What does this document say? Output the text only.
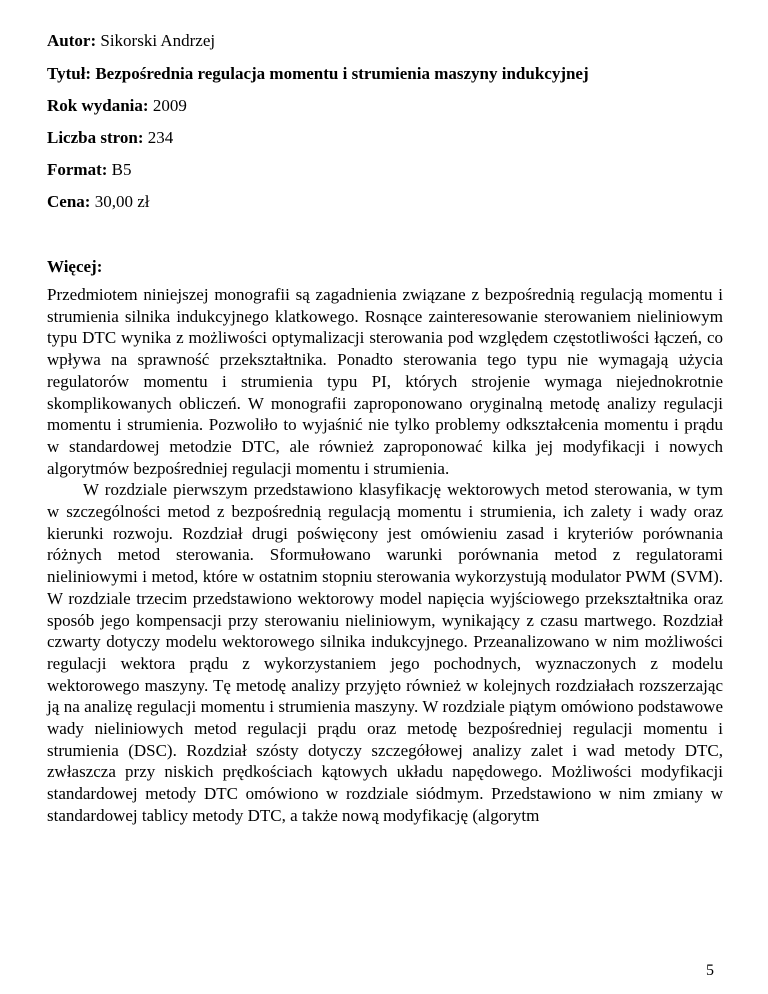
Autor: Sikorski Andrzej
Tytuł: Bezpośrednia regulacja momentu i strumienia maszyny indukcyjnej
Rok wydania: 2009
Liczba stron: 234
Format: B5
Cena: 30,00 zł
Więcej:

Przedmiotem niniejszej monografii są zagadnienia związane z bezpośrednią regulacją momentu i strumienia silnika indukcyjnego klatkowego. Rosnące zainteresowanie sterowaniem nieliniowym typu DTC wynika z możliwości optymalizacji sterowania pod względem częstotliwości łączeń, co wpływa na sprawność przekształtnika. Ponadto sterowania tego typu nie wymagają użycia regulatorów momentu i strumienia typu PI, których strojenie wymaga niejednokrotnie skomplikowanych obliczeń. W monografii zaproponowano oryginalną metodę analizy regulacji momentu i strumienia. Pozwoliło to wyjaśnić nie tylko problemy odkształcenia momentu i prądu w standardowej metodzie DTC, ale również zaproponować kilka jej modyfikacji i nowych algorytmów bezpośredniej regulacji momentu i strumienia.

W rozdziale pierwszym przedstawiono klasyfikację wektorowych metod sterowania, w tym w szczególności metod z bezpośrednią regulacją momentu i strumienia, ich zalety i wady oraz kierunki rozwoju. Rozdział drugi poświęcony jest omówieniu zasad i kryteriów porównania różnych metod sterowania. Sformułowano warunki porównania metod z regulatorami nieliniowymi i metod, które w ostatnim stopniu sterowania wykorzystują modulator PWM (SVM). W rozdziale trzecim przedstawiono wektorowy model napięcia wyjściowego przekształtnika oraz sposób jego kompensacji przy sterowaniu nieliniowym, wynikający z czasu martwego. Rozdział czwarty dotyczy modelu wektorowego silnika indukcyjnego. Przeanalizowano w nim możliwości regulacji wektora prądu z wykorzystaniem jego pochodnych, wyznaczonych z modelu wektorowego maszyny. Tę metodę analizy przyjęto również w kolejnych rozdziałach rozszerzając ją na analizę regulacji momentu i strumienia maszyny. W rozdziale piątym omówiono podstawowe wady nieliniowych metod regulacji prądu oraz metodę bezpośredniej regulacji momentu i strumienia (DSC). Rozdział szósty dotyczy szczegółowej analizy zalet i wad metody DTC, zwłaszcza przy niskich prędkościach kątowych układu napędowego. Możliwości modyfikacji standardowej metody DTC omówiono w rozdziale siódmym. Przedstawiono w nim zmiany w standardowej tablicy metody DTC, a także nową modyfikację (algorytm

5
